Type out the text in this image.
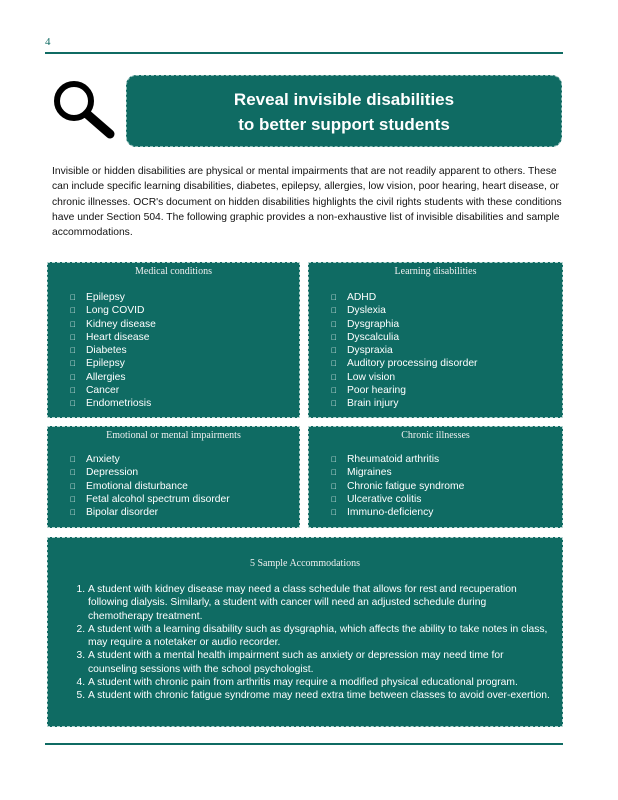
4
Reveal invisible disabilities
to better support students
Invisible or hidden disabilities are physical or mental impairments that are not readily apparent to others. These can include specific learning disabilities, diabetes, epilepsy, allergies, low vision, poor hearing, heart disease, or chronic illnesses. OCR's document on hidden disabilities highlights the civil rights students with these conditions have under Section 504. The following graphic provides a non-exhaustive list of invisible disabilities and sample accommodations.
Medical conditions
Epilepsy
Long COVID
Kidney disease
Heart disease
Diabetes
Epilepsy
Allergies
Cancer
Endometriosis
Learning disabilities
ADHD
Dyslexia
Dysgraphia
Dyscalculia
Dyspraxia
Auditory processing disorder
Low vision
Poor hearing
Brain injury
Emotional or mental impairments
Anxiety
Depression
Emotional disturbance
Fetal alcohol spectrum disorder
Bipolar disorder
Chronic illnesses
Rheumatoid arthritis
Migraines
Chronic fatigue syndrome
Ulcerative colitis
Immuno-deficiency
5 Sample Accommodations
1. A student with kidney disease may need a class schedule that allows for rest and recuperation following dialysis. Similarly, a student with cancer will need an adjusted schedule during chemotherapy treatment.
2. A student with a learning disability such as dysgraphia, which affects the ability to take notes in class, may require a notetaker or audio recorder.
3. A student with a mental health impairment such as anxiety or depression may need time for counseling sessions with the school psychologist.
4. A student with chronic pain from arthritis may require a modified physical educational program.
5. A student with chronic fatigue syndrome may need extra time between classes to avoid over-exertion.
